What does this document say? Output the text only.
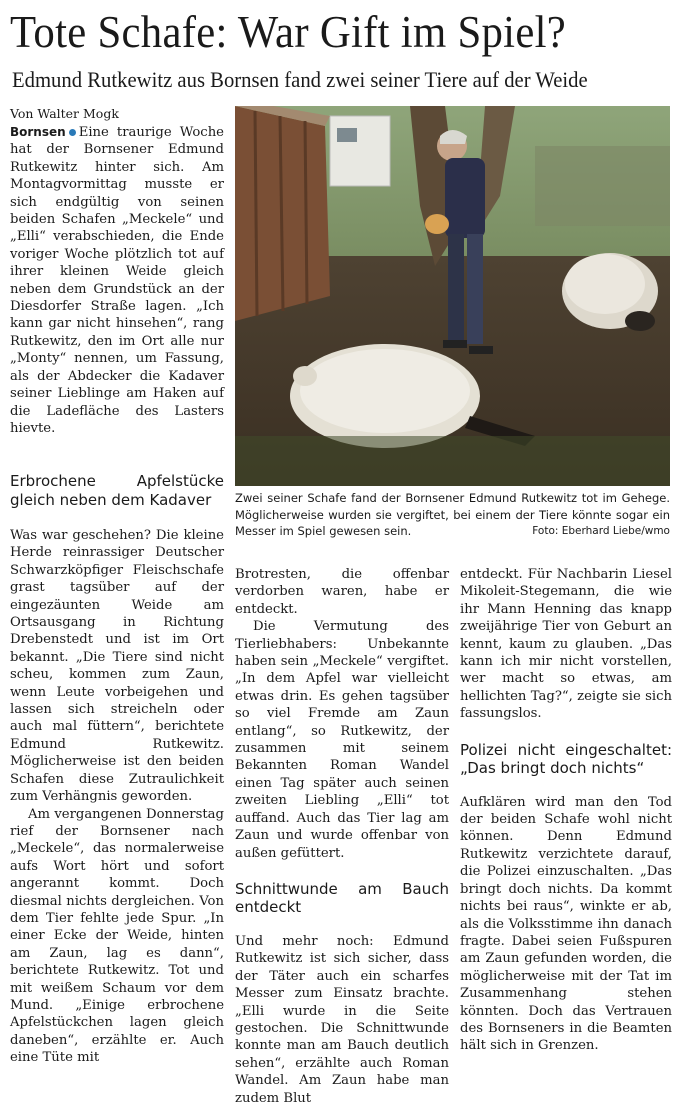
Tote Schafe: War Gift im Spiel?
Edmund Rutkewitz aus Bornsen fand zwei seiner Tiere auf der Weide
Von Walter Mogk

Bornsen Eine traurige Woche hat der Bornsener Edmund Rutkewitz hinter sich. Am Montagvormittag musste er sich endgültig von seinen beiden Schafen „Meckele“ und „Elli“ verabschieden, die Ende voriger Woche plötzlich tot auf ihrer kleinen Weide gleich neben dem Grundstück an der Diesdorfer Straße lagen. „Ich kann gar nicht hinsehen“, rang Rutkewitz, den im Ort alle nur „Monty“ nennen, um Fassung, als der Abdecker die Kadaver seiner Lieblinge am Haken auf die Ladefläche des Lasters hievte.

Erbrochene Apfelstücke gleich neben dem Kadaver	Zwei seiner Schafe fand der Bornsener Edmund Rutkewitz tot im Gehege. Möglicherweise wurden sie vergiftet, bei einem der Tiere könnte sogar ein Messer im Spiel gewesen sein.	Foto: Eberhard Liebe/wmo

Was war geschehen? Die kleine Herde reinrassiger Deutscher Schwarzköpfiger Fleischschafe grast tagsüber auf der eingezäunten Weide am Ortsausgang in Richtung Drebenstedt und ist im Ort bekannt. „Die Tiere sind nicht scheu, kommen zum Zaun, wenn Leute vorbeigehen und lassen sich streicheln oder auch mal füttern“, berichtete Edmund Rutkewitz. Möglicherweise ist den beiden Schafen diese Zutraulichkeit zum Verhängnis geworden.

Am vergangenen Donnerstag rief der Bornsener nach „Meckele“, das normalerweise aufs Wort hört und sofort angerannt kommt. Doch diesmal nichts dergleichen. Von dem Tier fehlte jede Spur. „In einer Ecke der Weide, hinten am Zaun, lag es dann“, berichtete Rutkewitz. Tot und mit weißem Schaum vor dem Mund. „Einige erbrochene Apfelstückchen lagen gleich daneben“, erzählte er. Auch eine Tüte mit

Brotresten, die offenbar verdorben waren, habe er entdeckt.

Die Vermutung des Tierliebhabers: Unbekannte haben sein „Meckele“ vergiftet. „In dem Apfel war vielleicht etwas drin. Es gehen tagsüber so viel Fremde am Zaun entlang“, so Rutkewitz, der zusammen mit seinem Bekannten Roman Wandel einen Tag später auch seinen zweiten Liebling „Elli“ tot auffand. Auch das Tier lag am Zaun und wurde offenbar von außen gefüttert.

Schnittwunde am Bauch entdeckt

Und mehr noch: Edmund Rutkewitz ist sich sicher, dass der Täter auch ein scharfes Messer zum Einsatz brachte. „Elli wurde in die Seite gestochen. Die Schnittwunde konnte man am Bauch deutlich sehen“, erzählte auch Roman Wandel. Am Zaun habe man zudem Blut

entdeckt. Für Nachbarin Liesel Mikoleit-Stegemann, die wie ihr Mann Henning das knapp zweijährige Tier von Geburt an kennt, kaum zu glauben. „Das kann ich mir nicht vorstellen, wer macht so etwas, am hellichten Tag?“, zeigte sie sich fassungslos.

Polizei nicht eingeschaltet: „Das bringt doch nichts“

Aufklären wird man den Tod der beiden Schafe wohl nicht können. Denn Edmund Rutkewitz verzichtete darauf, die Polizei einzuschalten. „Das bringt doch nichts. Da kommt nichts bei raus“, winkte er ab, als die Volksstimme ihn danach fragte. Dabei seien Fußspuren am Zaun gefunden worden, die möglicherweise mit der Tat im Zusammenhang stehen könnten. Doch das Vertrauen des Bornseners in die Beamten hält sich in Grenzen.
